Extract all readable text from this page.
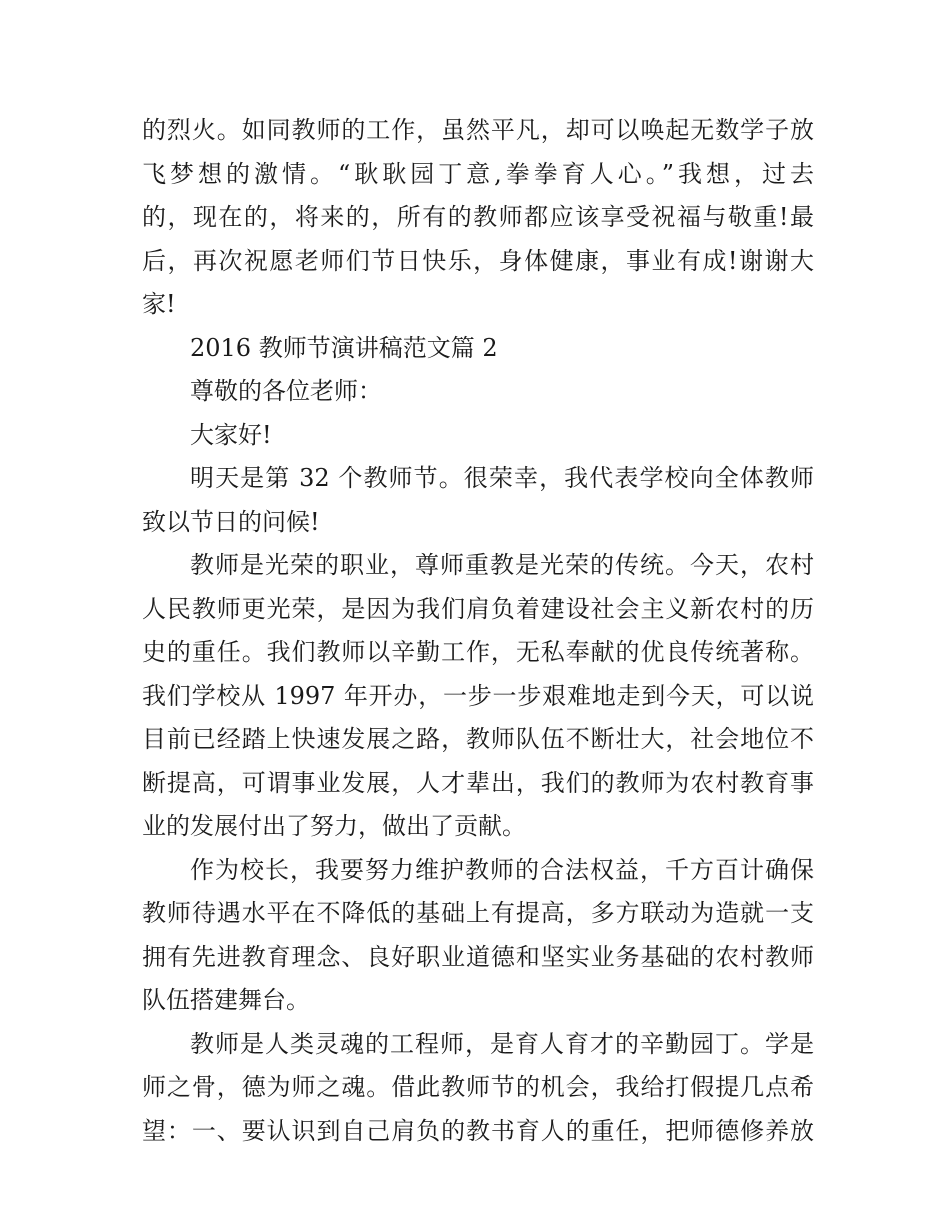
的烈火。如同教师的工作，虽然平凡，却可以唤起无数学子放
飞梦想的激情。“耿耿园丁意,拳拳育人心。”我想，过去
的，现在的，将来的，所有的教师都应该享受祝福与敬重!最
后，再次祝愿老师们节日快乐，身体健康，事业有成!谢谢大
家!
2016 教师节演讲稿范文篇 2
尊敬的各位老师：
大家好!
明天是第 32 个教师节。很荣幸，我代表学校向全体教师
致以节日的问候!
教师是光荣的职业，尊师重教是光荣的传统。今天，农村
人民教师更光荣，是因为我们肩负着建设社会主义新农村的历
史的重任。我们教师以辛勤工作，无私奉献的优良传统著称。
我们学校从 1997 年开办，一步一步艰难地走到今天，可以说
目前已经踏上快速发展之路，教师队伍不断壮大，社会地位不
断提高，可谓事业发展，人才辈出，我们的教师为农村教育事
业的发展付出了努力，做出了贡献。
作为校长，我要努力维护教师的合法权益，千方百计确保
教师待遇水平在不降低的基础上有提高，多方联动为造就一支
拥有先进教育理念、良好职业道德和坚实业务基础的农村教师
队伍搭建舞台。
教师是人类灵魂的工程师，是育人育才的辛勤园丁。学是
师之骨，德为师之魂。借此教师节的机会，我给打假提几点希
望：一、要认识到自己肩负的教书育人的重任，把师德修养放
